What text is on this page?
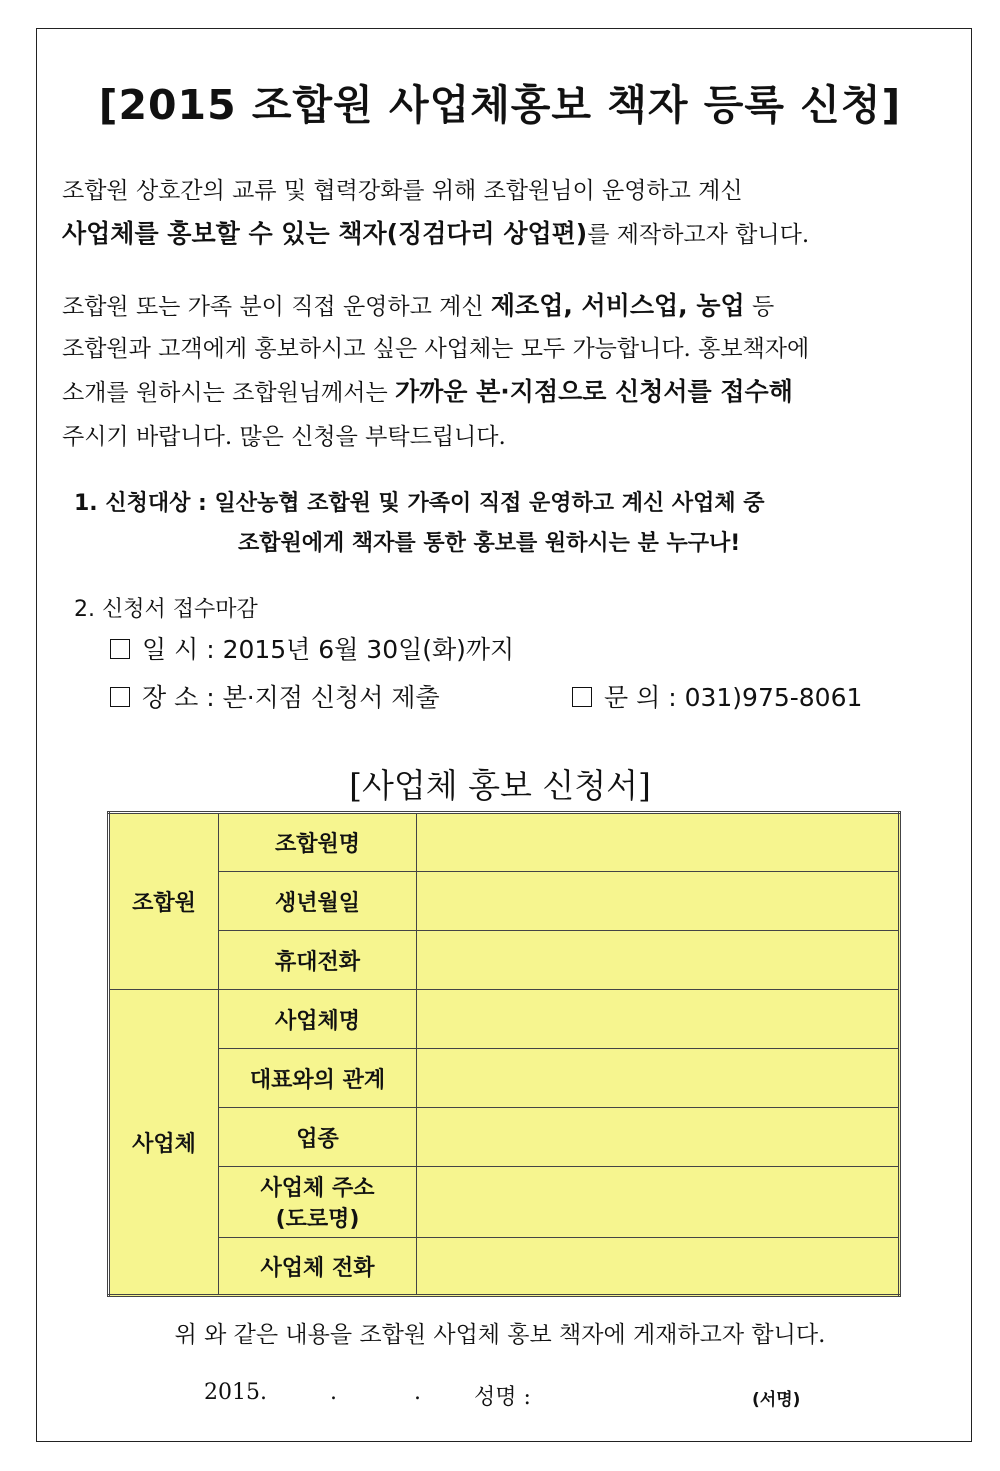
[2015 조합원 사업체홍보 책자 등록 신청]
조합원 상호간의 교류 및 협력강화를 위해 조합원님이 운영하고 계신
사업체를 홍보할 수 있는 책자(징검다리 상업편)를 제작하고자 합니다.
조합원 또는 가족 분이 직접 운영하고 계신 제조업, 서비스업, 농업 등
조합원과 고객에게 홍보하시고 싶은 사업체는 모두 가능합니다. 홍보책자에
소개를 원하시는 조합원님께서는 가까운 본·지점으로 신청서를 접수해
주시기 바랍니다. 많은 신청을 부탁드립니다.
1. 신청대상 : 일산농협 조합원 및 가족이 직접 운영하고 계신 사업체 중
조합원에게 책자를 통한 홍보를 원하시는 분 누구나!
2. 신청서 접수마감
일 시 : 2015년 6월 30일(화)까지
장 소 : 본·지점 신청서 제출	문 의 : 031)975-8061
[사업체 홍보 신청서]
조합원	조합원명	
	생년월일	
	휴대전화	
사업체	사업체명	
	대표와의 관계	
	업종	

	사업체 주소
(도로명)	

	사업체 전화	
위 와 같은 내용을 조합원 사업체 홍보 책자에 게재하고자 합니다.
2015.	.	. 성명 :	(서명)
